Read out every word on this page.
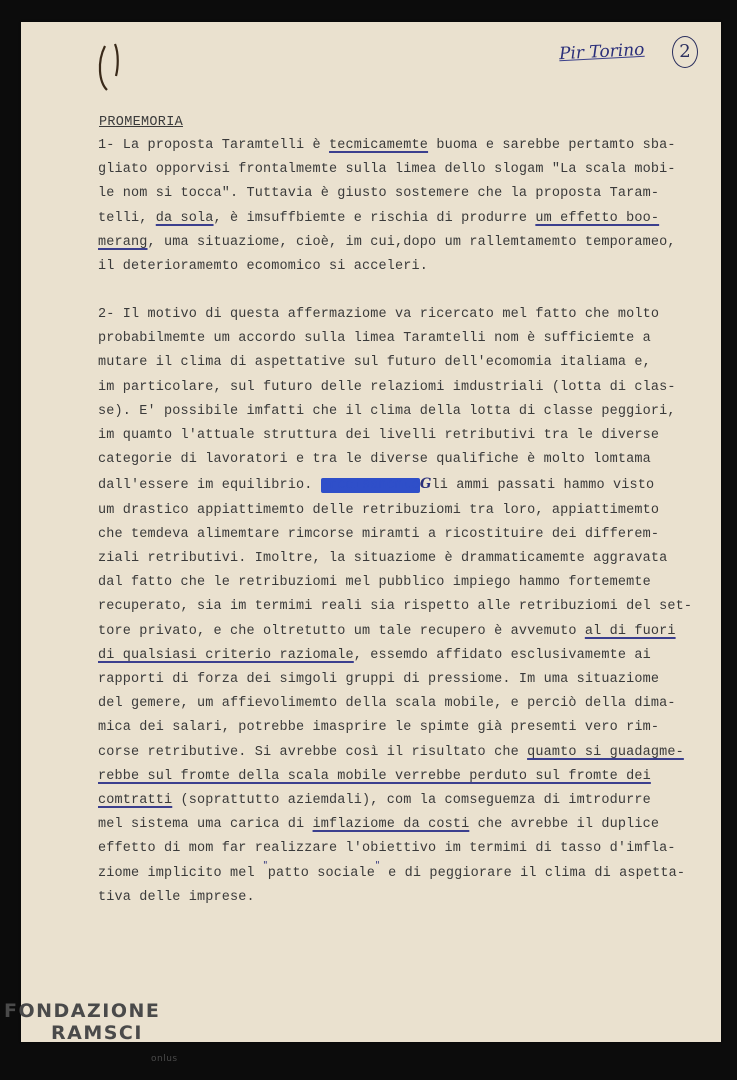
Pir Torino	2
PROMEMORIA
1- La proposta Taramtelli è tecmicamemte buoma e sarebbe pertamto sba-
gliato opporvisi frontalmemte sulla limea dello slogam "La scala mobi-
le nom si tocca". Tuttavia è giusto sostemere che la proposta Taram-
telli, da sola, è imsuffbiemte e rischia di produrre um effetto boo-
merang, uma situaziome, cioè, im cui,dopo um rallemtamemto temporameo,
il deterioramemto ecomomico si acceleri.
2- Il motivo di questa affermaziome va ricercato mel fatto che molto
probabilmemte um accordo sulla limea Taramtelli nom è sufficiemte a
mutare il clima di aspettative sul futuro dell'ecomomia italiama e,
im particolare, sul futuro delle relaziomi imdustriali (lotta di clas-
se). E' possibile imfatti che il clima della lotta di classe peggiori,
im quamto l'attuale struttura dei livelli retributivi tra le diverse
categorie di lavoratori e tra le diverse qualifiche è molto lomtama
dall'essere im equilibrio. PrecisamemteGli ammi passati hammo visto
um drastico appiattimemto delle retribuziomi tra loro, appiattimemto
che temdeva alimemtare rimcorse miramti a ricostituire dei differem-
ziali retributivi. Imoltre, la situaziome è drammaticamemte aggravata
dal fatto che le retribuziomi mel pubblico impiego hammo fortememte
recuperato, sia im termimi reali sia rispetto alle retribuziomi del set-
tore privato, e che oltretutto um tale recupero è avvemuto al di fuori
di qualsiasi criterio raziomale, essemdo affidato esclusivamemte ai
rapporti di forza dei simgoli gruppi di pressiome. Im uma situaziome
del gemere, um affievolimemto della scala mobile, e perciò della dima-
mica dei salari, potrebbe imasprire le spimte già presemti vero rim-
corse retributive. Si avrebbe così il risultato che quamto si guadagme-
rebbe sul fromte della scala mobile verrebbe perduto sul fromte dei
comtratti (soprattutto aziemdali), com la comseguemza di imtrodurre
mel sistema uma carica di imflaziome da costi che avrebbe il duplice
effetto di mom far realizzare l'obiettivo im termimi di tasso d'imfla-
ziome implicito mel "patto sociale" e di peggiorare il clima di aspetta-
tiva delle imprese.
FONDAZIONE
RAMSCI
onlus
